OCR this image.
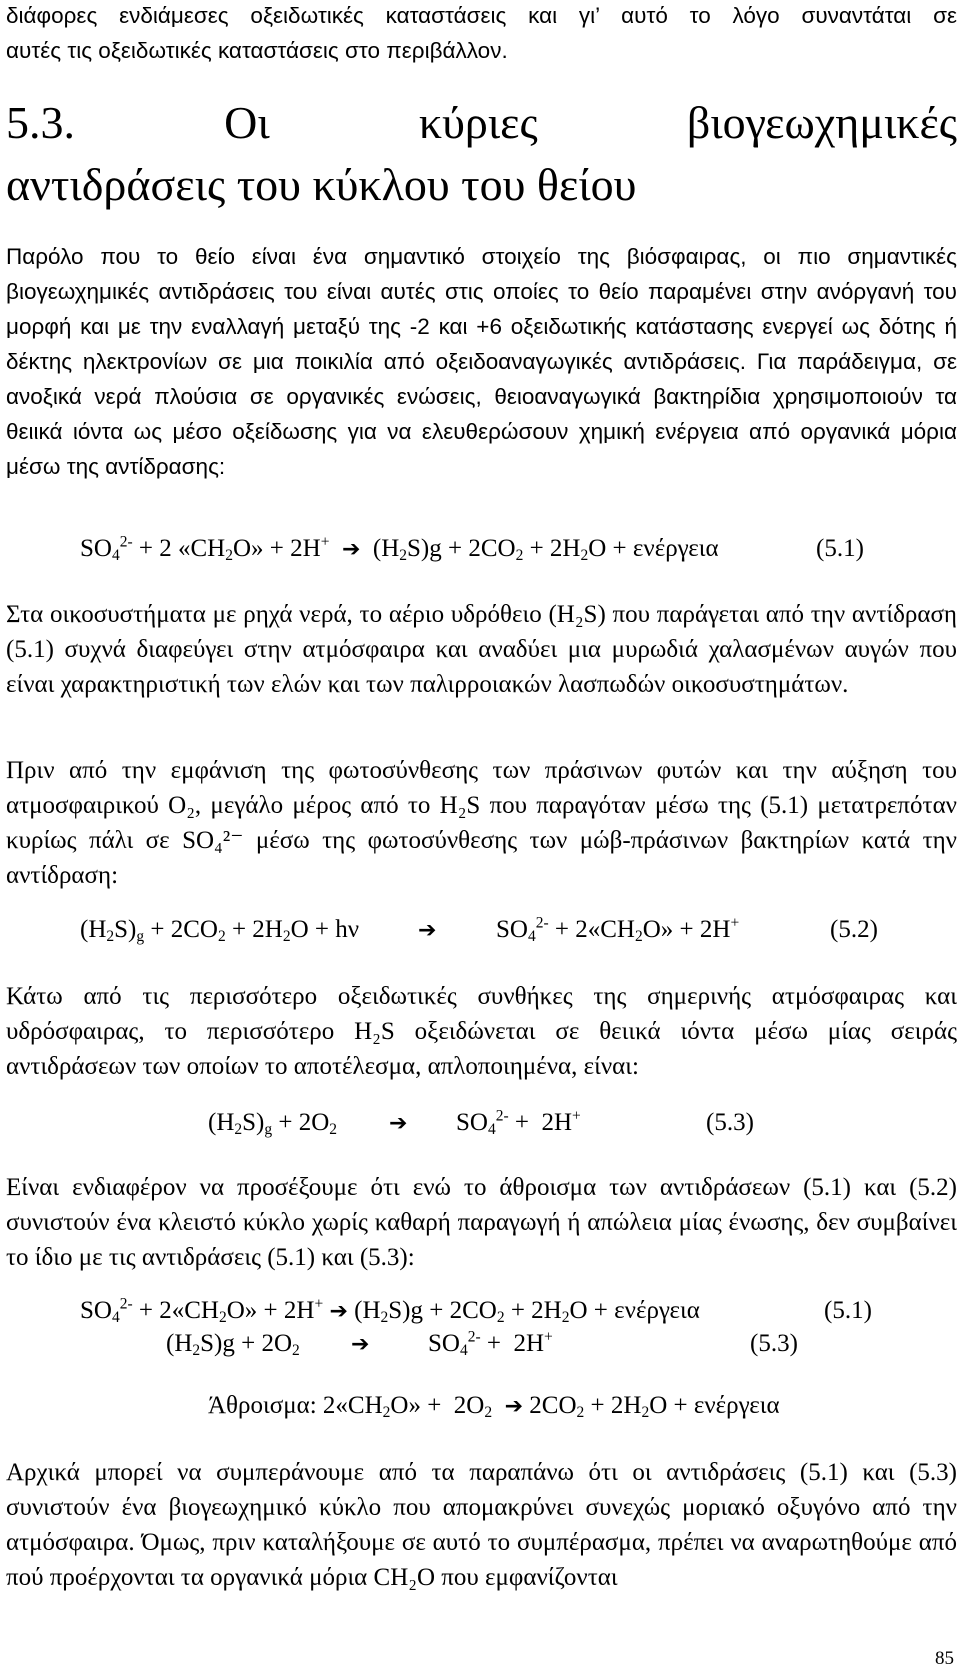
διάφορες ενδιάμεσες οξειδωτικές καταστάσεις και γι’ αυτό το λόγο συναντάται σε
αυτές τις οξειδωτικές καταστάσεις στο περιβάλλον.

5.3.	Οι	κύριες	βιογεωχημικές
αντιδράσεις του κύκλου του θείου

Παρόλο που το θείο είναι ένα σημαντικό στοιχείο της βιόσφαιρας, οι πιο σημαντικές βιογεωχημικές αντιδράσεις του είναι αυτές στις οποίες το θείο παραμένει στην ανόργανή του μορφή και με την εναλλαγή μεταξύ της -2 και +6 οξειδωτικής κατάστασης ενεργεί ως δότης ή δέκτης ηλεκτρονίων σε μια ποικιλία από οξειδοαναγωγικές αντιδράσεις. Για παράδειγμα, σε ανοξικά νερά πλούσια σε οργανικές ενώσεις, θειοαναγωγικά βακτηρίδια χρησιμοποιούν τα θειικά ιόντα ως μέσο οξείδωσης για να ελευθερώσουν χημική ενέργεια από οργανικά μόρια μέσω της αντίδρασης:

$SO_4^{2-} + 2$ «$CH_2O$» + 2H+ ➔  $(H_2S)g + 2CO_2 + 2H_2O + \varepsilon\nu έ\rho\gamma\varepsilon\iota\alpha$	(5.1)

Στα οικοσυστήματα με ρηχά νερά, το αέριο υδρόθειο (H₂S) που παράγεται από την αντίδραση (5.1) συχνά διαφεύγει στην ατμόσφαιρα και αναδύει μια μυρωδιά χαλασμένων αυγών που είναι χαρακτηριστική των ελών και των παλιρροιακών λασπωδών οικοσυστημάτων.

Πριν από την εμφάνιση της φωτοσύνθεσης των πράσινων φυτών και την αύξηση του ατμοσφαιρικού O₂, μεγάλο μέρος από το H₂S που παραγόταν μέσω της (5.1) μετατρεπόταν κυρίως πάλι σε SO₄²⁻ μέσω της φωτοσύνθεσης των μώβ-πράσινων βακτηρίων κατά την αντίδραση:

$(H_2S)_g + 2CO_2 + 2H_2O + h\nu$	➔ $SO_4^{2-}$ + $2«CH_2O$» + 2H+	(5.2)

Κάτω από τις περισσότερο οξειδωτικές συνθήκες της σημερινής ατμόσφαιρας και υδρόσφαιρας, το περισσότερο H₂S οξειδώνεται σε θειικά ιόντα μέσω μίας σειράς αντιδράσεων των οποίων το αποτέλεσμα, απλοποιημένα, είναι:

$(H_2S)_g + 2O_2$ ➔ $SO_4^{2-} + 2H^+$	(5.3)

Είναι ενδιαφέρον να προσέξουμε ότι ενώ το άθροισμα των αντιδράσεων (5.1) και (5.2) συνιστούν ένα κλειστό κύκλο χωρίς καθαρή παραγωγή ή απώλεια μίας ένωσης, δεν συμβαίνει το ίδιο με τις αντιδράσεις (5.1) και (5.3):

$SO_4^{2-}$ + $2«CH_2O$» + 2H+ ➔ $(H_2S)g + 2CO_2 + 2H_2O + \varepsilon\nu έ\rho\gamma\varepsilon\iota\alpha$	(5.1)
$(H_2S)g + 2O_2$ ➔ $SO_4^{2-} + 2H^+$	(5.3)
Άθροισμα: $2«CH_2O$» +  $2O_2$ ➔ $2CO_2 + 2H_2O + \varepsilon\nu έ\rho\gamma\varepsilon\iota\alpha$

Αρχικά μπορεί να συμπεράνουμε από τα παραπάνω ότι οι αντιδράσεις (5.1) και (5.3) συνιστούν ένα βιογεωχημικό κύκλο που απομακρύνει συνεχώς μοριακό οξυγόνο από την ατμόσφαιρα. Όμως, πριν καταλήξουμε σε αυτό το συμπέρασμα, πρέπει να αναρωτηθούμε από πού προέρχονται τα οργανικά μόρια CH₂O που εμφανίζονται

85
